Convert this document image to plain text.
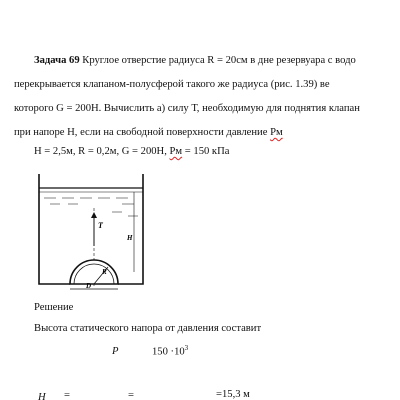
Задача 69 Круглое отверстие радиуса R = 20см в дне резервуара с водо
перекрывается клапаном-полусферой такого же радиуса (рис. 1.39) ве
которого G = 200Н. Вычислить а) силу Т, необходимую для поднятия клапан
при напоре Н, если на свободной поверхности давление Pм
H = 2,5м, R = 0,2м, G = 200H, Pм = 150 кПа
T
H
R
D
Решение
Высота статического напора от давления составит
P	$150 \cdot 10^3$
H =	=	=15,3 м
